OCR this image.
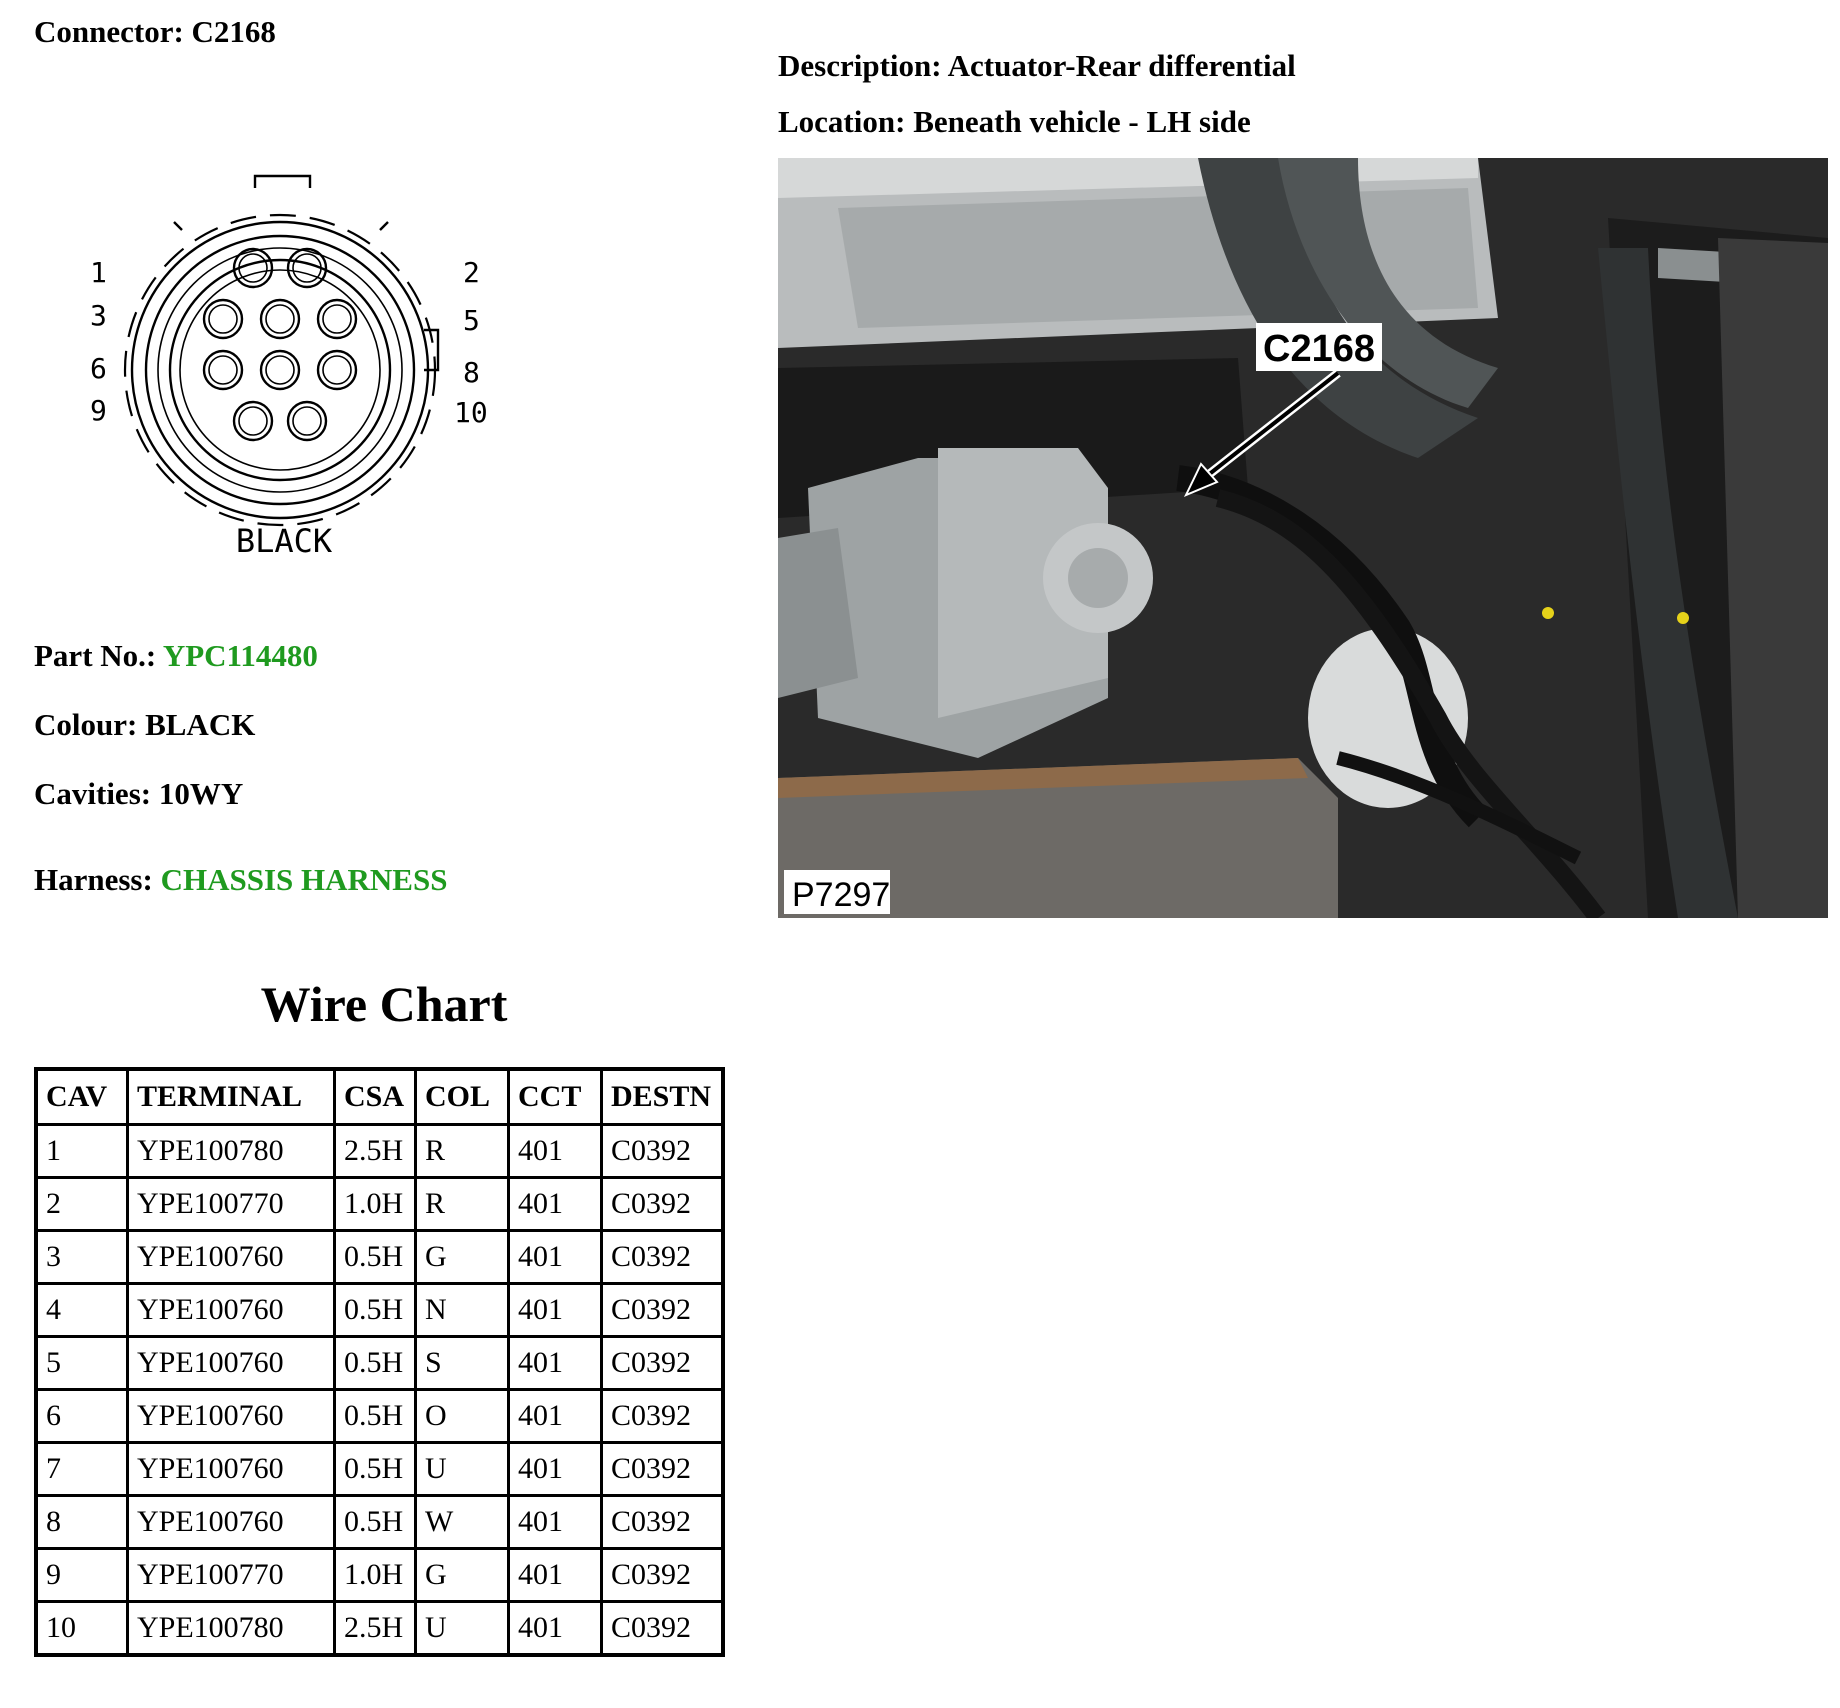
Connector: C2168
Description: Actuator-Rear differential
Location: Beneath vehicle - LH side
1	2
3	5
6	8
9	10
BLACK
C2168
P7297
Part No.: YPC114480
Colour: BLACK
Cavities: 10WY
Harness: CHASSIS HARNESS
Wire Chart
CAV	TERMINAL	CSA	COL	CCT	DESTN
1	YPE100780	2.5H	R	401	C0392
2	YPE100770	1.0H	R	401	C0392
3	YPE100760	0.5H	G	401	C0392
4	YPE100760	0.5H	N	401	C0392
5	YPE100760	0.5H	S	401	C0392
6	YPE100760	0.5H	O	401	C0392
7	YPE100760	0.5H	U	401	C0392
8	YPE100760	0.5H	W	401	C0392
9	YPE100770	1.0H	G	401	C0392
10	YPE100780	2.5H	U	401	C0392
